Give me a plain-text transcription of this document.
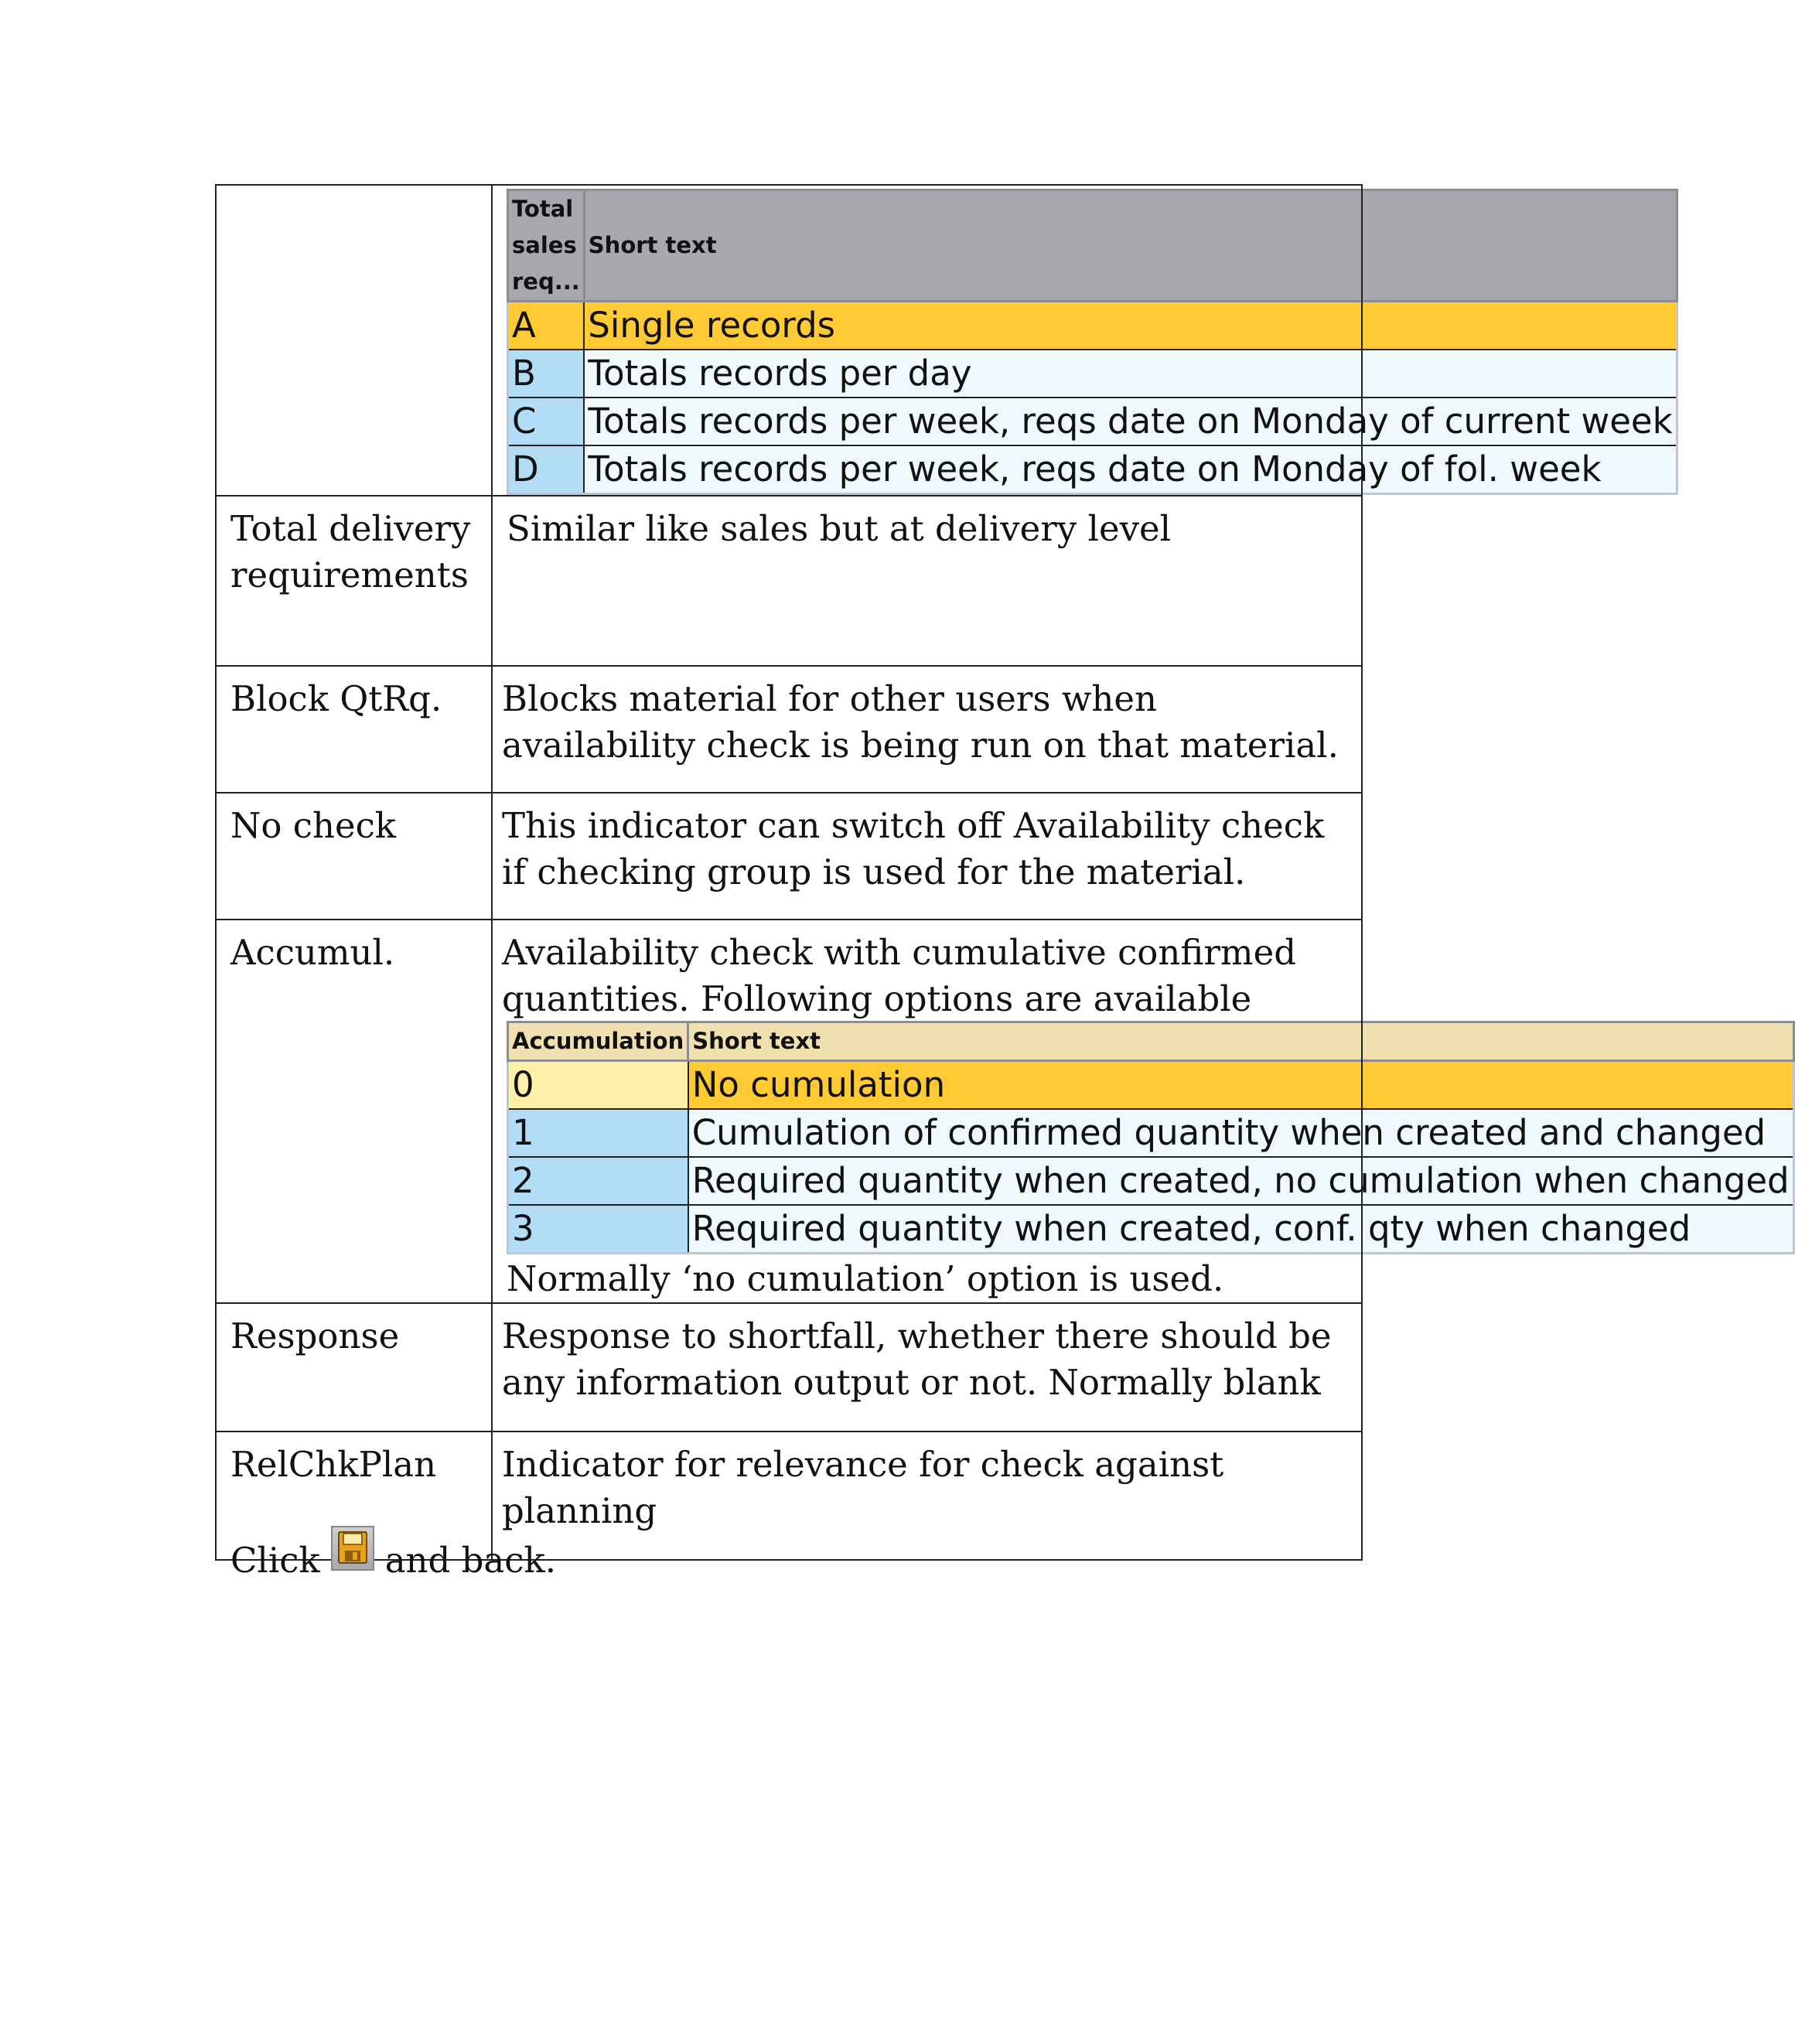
Total sales req...	Short text
A	Single records
B	Totals records per day
C	Totals records per week, reqs date on Monday of current week
D	Totals records per week, reqs date on Monday of fol. week

Total delivery requirements	Similar like sales but at delivery level
Block QtRq.	Blocks material for other users when availability check is being run on that material.
No check	This indicator can switch off Availability check if checking group is used for the material.
Accumul.	Availability check with cumulative confirmed quantities. Following options are available
Accumulation	Short text
0	No cumulation
1	Cumulation of confirmed quantity when created and changed
2	Required quantity when created, no cumulation when changed
3	Required quantity when created, conf. qty when changed
Normally ‘no cumulation’ option is used.

Response	Response to shortfall, whether there should be any information output or not. Normally blank
RelChkPlan	Indicator for relevance for check against planning
Click and back.
